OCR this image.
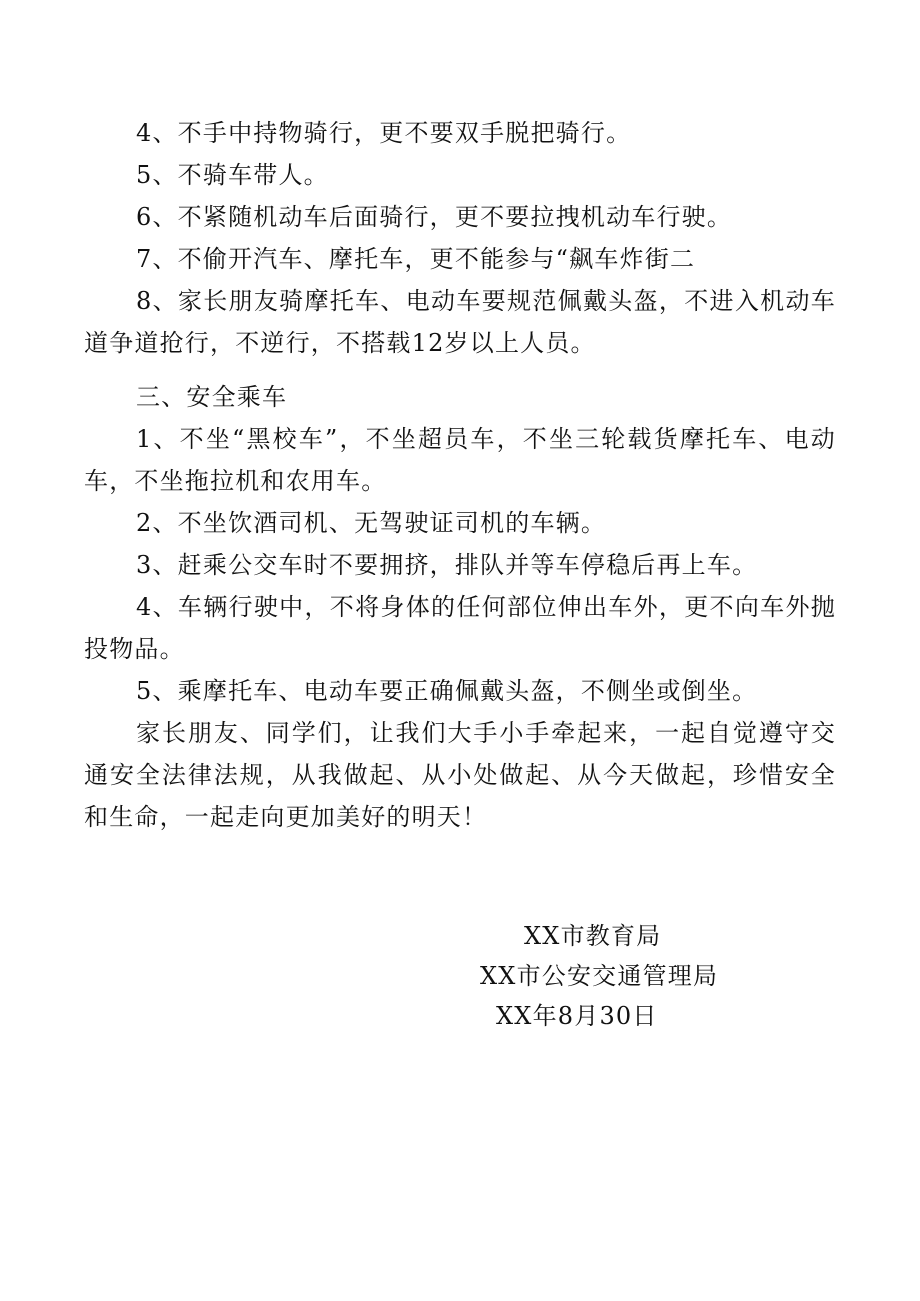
4、不手中持物骑行，更不要双手脱把骑行。

5、不骑车带人。

6、不紧随机动车后面骑行，更不要拉拽机动车行驶。

7、不偷开汽车、摩托车，更不能参与“飙车炸街二

8、家长朋友骑摩托车、电动车要规范佩戴头盔，不进入机动车道争道抢行，不逆行，不搭载12岁以上人员。

三、安全乘车

1、不坐“黑校车”，不坐超员车，不坐三轮载货摩托车、电动车，不坐拖拉机和农用车。

2、不坐饮酒司机、无驾驶证司机的车辆。

3、赶乘公交车时不要拥挤，排队并等车停稳后再上车。

4、车辆行驶中，不将身体的任何部位伸出车外，更不向车外抛投物品。

5、乘摩托车、电动车要正确佩戴头盔，不侧坐或倒坐。

家长朋友、同学们，让我们大手小手牵起来，一起自觉遵守交通安全法律法规，从我做起、从小处做起、从今天做起，珍惜安全和生命，一起走向更加美好的明天！

XX市教育局
XX市公安交通管理局
XX年8月30日
